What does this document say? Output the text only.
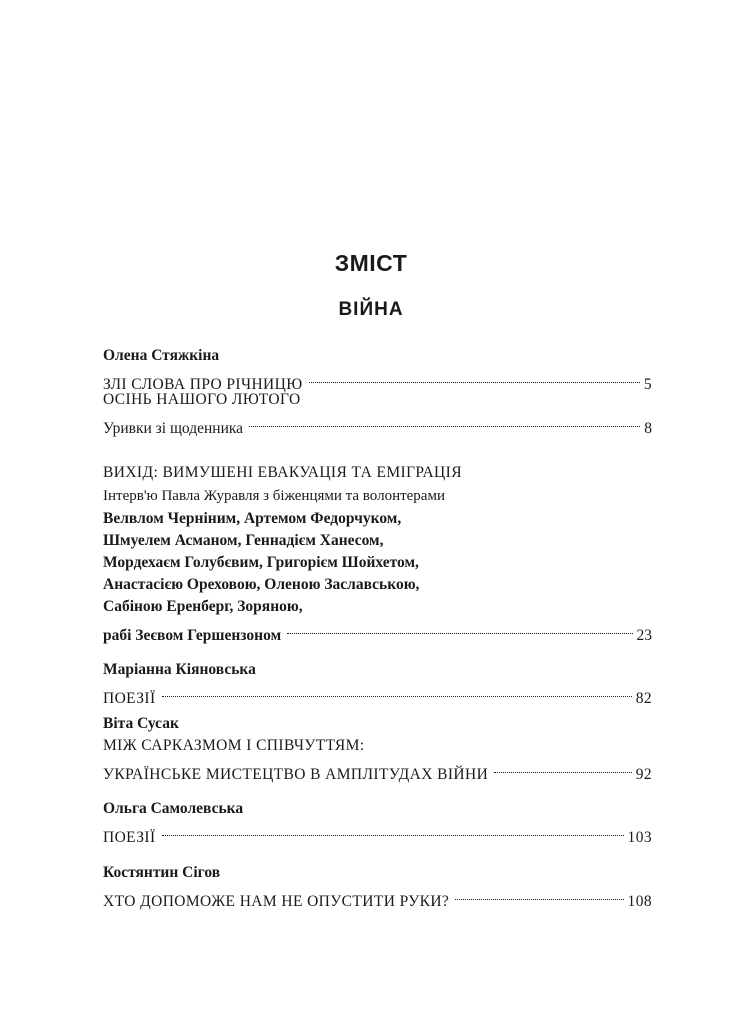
ЗМІСТ
ВІЙНА
Олена Стяжкіна
ЗЛІ СЛОВА ПРО РІЧНИЦЮ	5
ОСІНЬ НАШОГО ЛЮТОГО
Уривки зі щоденника	8
ВИХІД: ВИМУШЕНІ ЕВАКУАЦІЯ ТА ЕМІГРАЦІЯ
Інтерв'ю Павла Журавля з біженцями та волонтерами
Велвлом Черніним, Артемом Федорчуком,
Шмуелем Асманом, Геннадієм Ханесом,
Мордехаєм Голубєвим, Григорієм Шойхетом,
Анастасією Ореховою, Оленою Заславською,
Сабіною Еренберг, Зоряною,
рабі Зеєвом Гершензоном	23
Маріанна Кіяновська
ПОЕЗІЇ	82
Віта Сусак
МІЖ САРКАЗМОМ І СПІВЧУТТЯМ:
УКРАЇНСЬКЕ МИСТЕЦТВО В АМПЛІТУДАХ ВІЙНИ	92
Ольга Самолевська
ПОЕЗІЇ	103
Костянтин Сігов
ХТО ДОПОМОЖЕ НАМ НЕ ОПУСТИТИ РУКИ?	108
